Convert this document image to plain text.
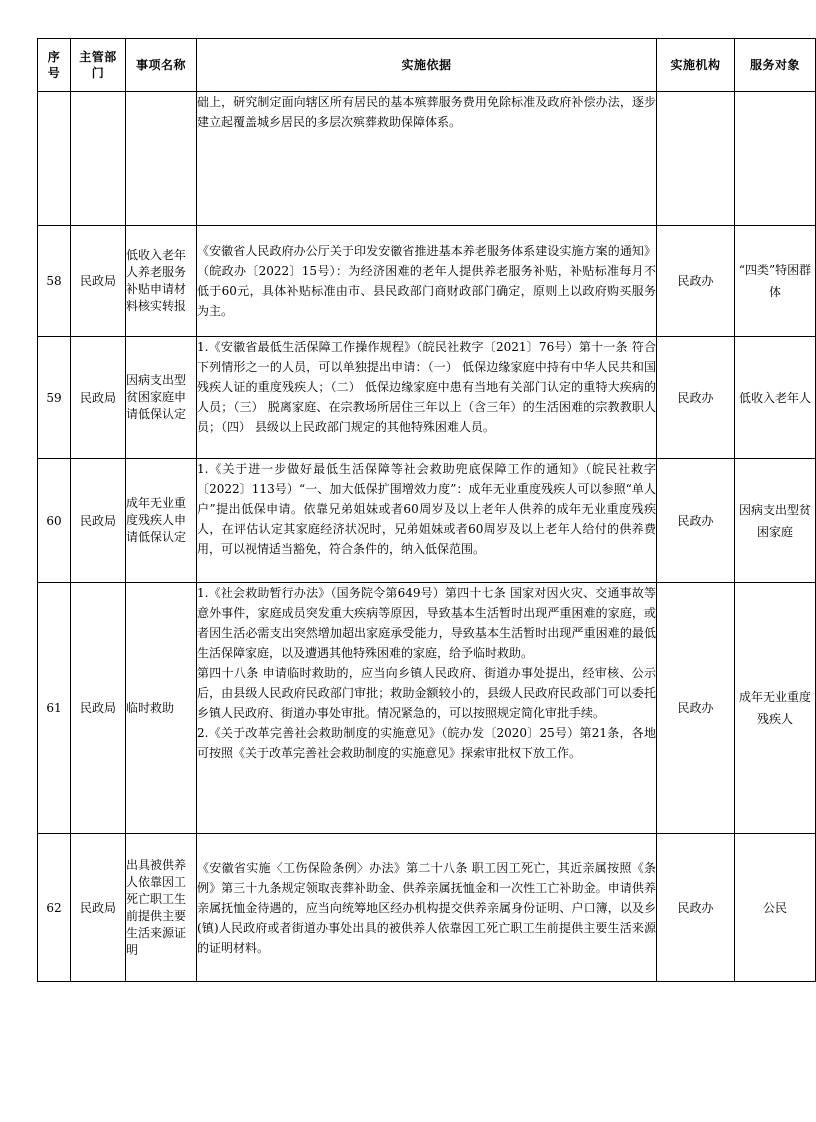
序号	主管部门	事项名称	实施依据	实施机构	服务对象

			础上，研究制定面向辖区所有居民的基本殡葬服务费用免除标准及政府补偿办法，逐步建立起覆盖城乡居民的多层次殡葬救助保障体系。		

58	民政局	低收入老年人养老服务补贴申请材料核实转报	《安徽省人民政府办公厅关于印发安徽省推进基本养老服务体系建设实施方案的通知》（皖政办〔2022〕15号）：为经济困难的老年人提供养老服务补贴，补贴标准每月不低于60元，具体补贴标准由市、县民政部门商财政部门确定，原则上以政府购买服务为主。	民政办	“四类”特困群体
59	民政局	因病支出型贫困家庭申请低保认定	1.《安徽省最低生活保障工作操作规程》（皖民社救字〔2021〕76号）第十一条 符合下列情形之一的人员，可以单独提出申请：（一） 低保边缘家庭中持有中华人民共和国残疾人证的重度残疾人；（二） 低保边缘家庭中患有当地有关部门认定的重特大疾病的人员；（三） 脱离家庭、在宗教场所居住三年以上（含三年）的生活困难的宗教教职人员；（四） 县级以上民政部门规定的其他特殊困难人员。	民政办	低收入老年人
60	民政局	成年无业重度残疾人申请低保认定	1.《关于进一步做好最低生活保障等社会救助兜底保障工作的通知》（皖民社救字〔2022〕113号）“一、加大低保扩围增效力度”：成年无业重度残疾人可以参照“单人户”提出低保申请。依靠兄弟姐妹或者60周岁及以上老年人供养的成年无业重度残疾人，在评估认定其家庭经济状况时，兄弟姐妹或者60周岁及以上老年人给付的供养费用，可以视情适当豁免，符合条件的，纳入低保范围。	民政办	因病支出型贫困家庭
61	民政局	临时救助	1.《社会救助暂行办法》（国务院令第649号）第四十七条 国家对因火灾、交通事故等意外事件，家庭成员突发重大疾病等原因，导致基本生活暂时出现严重困难的家庭，或者因生活必需支出突然增加超出家庭承受能力，导致基本生活暂时出现严重困难的最低生活保障家庭，以及遭遇其他特殊困难的家庭，给予临时救助。
第四十八条 申请临时救助的，应当向乡镇人民政府、街道办事处提出，经审核、公示后，由县级人民政府民政部门审批；救助金额较小的，县级人民政府民政部门可以委托乡镇人民政府、街道办事处审批。情况紧急的，可以按照规定简化审批手续。
2.《关于改革完善社会救助制度的实施意见》（皖办发〔2020〕25号）第21条，各地可按照《关于改革完善社会救助制度的实施意见》探索审批权下放工作。	民政办	成年无业重度残疾人
62	民政局	出具被供养人依靠因工死亡职工生前提供主要生活来源证明	《安徽省实施〈工伤保险条例〉办法》第二十八条 职工因工死亡，其近亲属按照《条例》第三十九条规定领取丧葬补助金、供养亲属抚恤金和一次性工亡补助金。申请供养亲属抚恤金待遇的，应当向统筹地区经办机构提交供养亲属身份证明、户口簿，以及乡(镇)人民政府或者街道办事处出具的被供养人依靠因工死亡职工生前提供主要生活来源的证明材料。	民政办	公民
